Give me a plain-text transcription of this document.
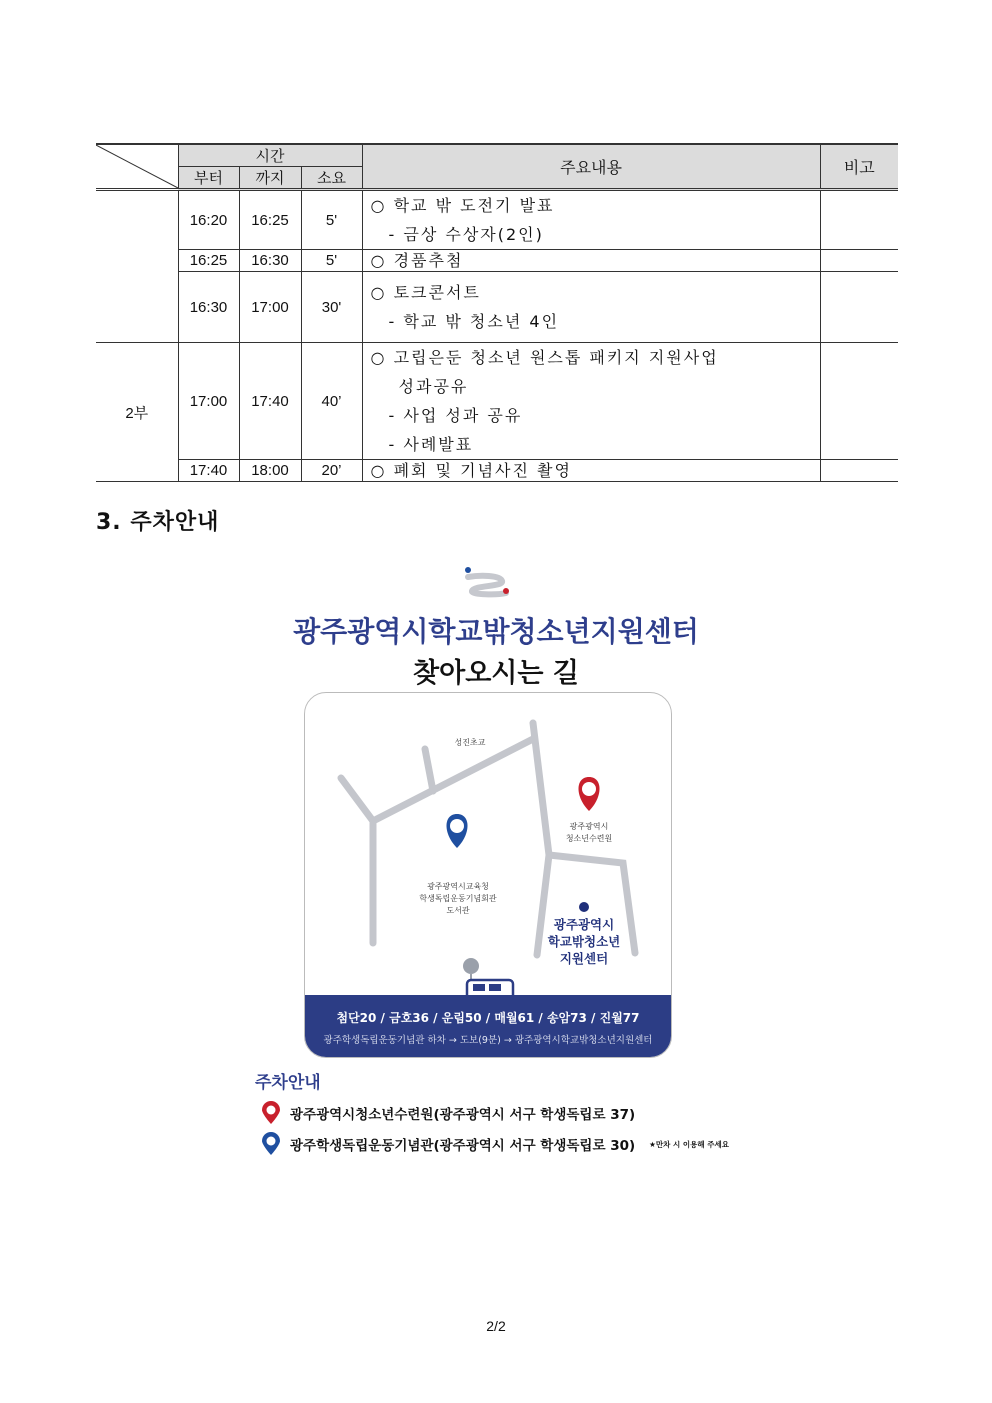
	시간			주요내용	비고
	부터	까지	소요		
	16:20	16:25	5'	○ 학교 밖 도전기 발표
- 금상 수상자(2인)	

	16:25	16:30	5'	○ 경품추첨	

	16:30	17:00	30'	○ 토크콘서트
- 학교 밖 청소년 4인	

2부	17:00	17:40	40’	○ 고립은둔 청소년 원스톱 패키지 지원사업
성과공유
- 사업 성과 공유
- 사례발표	

	17:40	18:00	20’	○ 폐회 및 기념사진 촬영	

3. 주차안내
광주광역시학교밖청소년지원센터
찾아오시는 길
성진초교
광주광역시
청소년수련원
광주광역시교육청
학생독립운동기념회관
도서관
광주광역시
학교밖청소년
지원센터
첨단20 / 금호36 / 운림50 / 매월61 / 송암73 / 진월77
광주학생독립운동기념관 하차 → 도보(9분) → 광주광역시학교밖청소년지원센터
주차안내
광주광역시청소년수련원(광주광역시 서구 학생독립로 37)
광주학생독립운동기념관(광주광역시 서구 학생독립로 30) ★만차 시 이용해 주세요
2/2
